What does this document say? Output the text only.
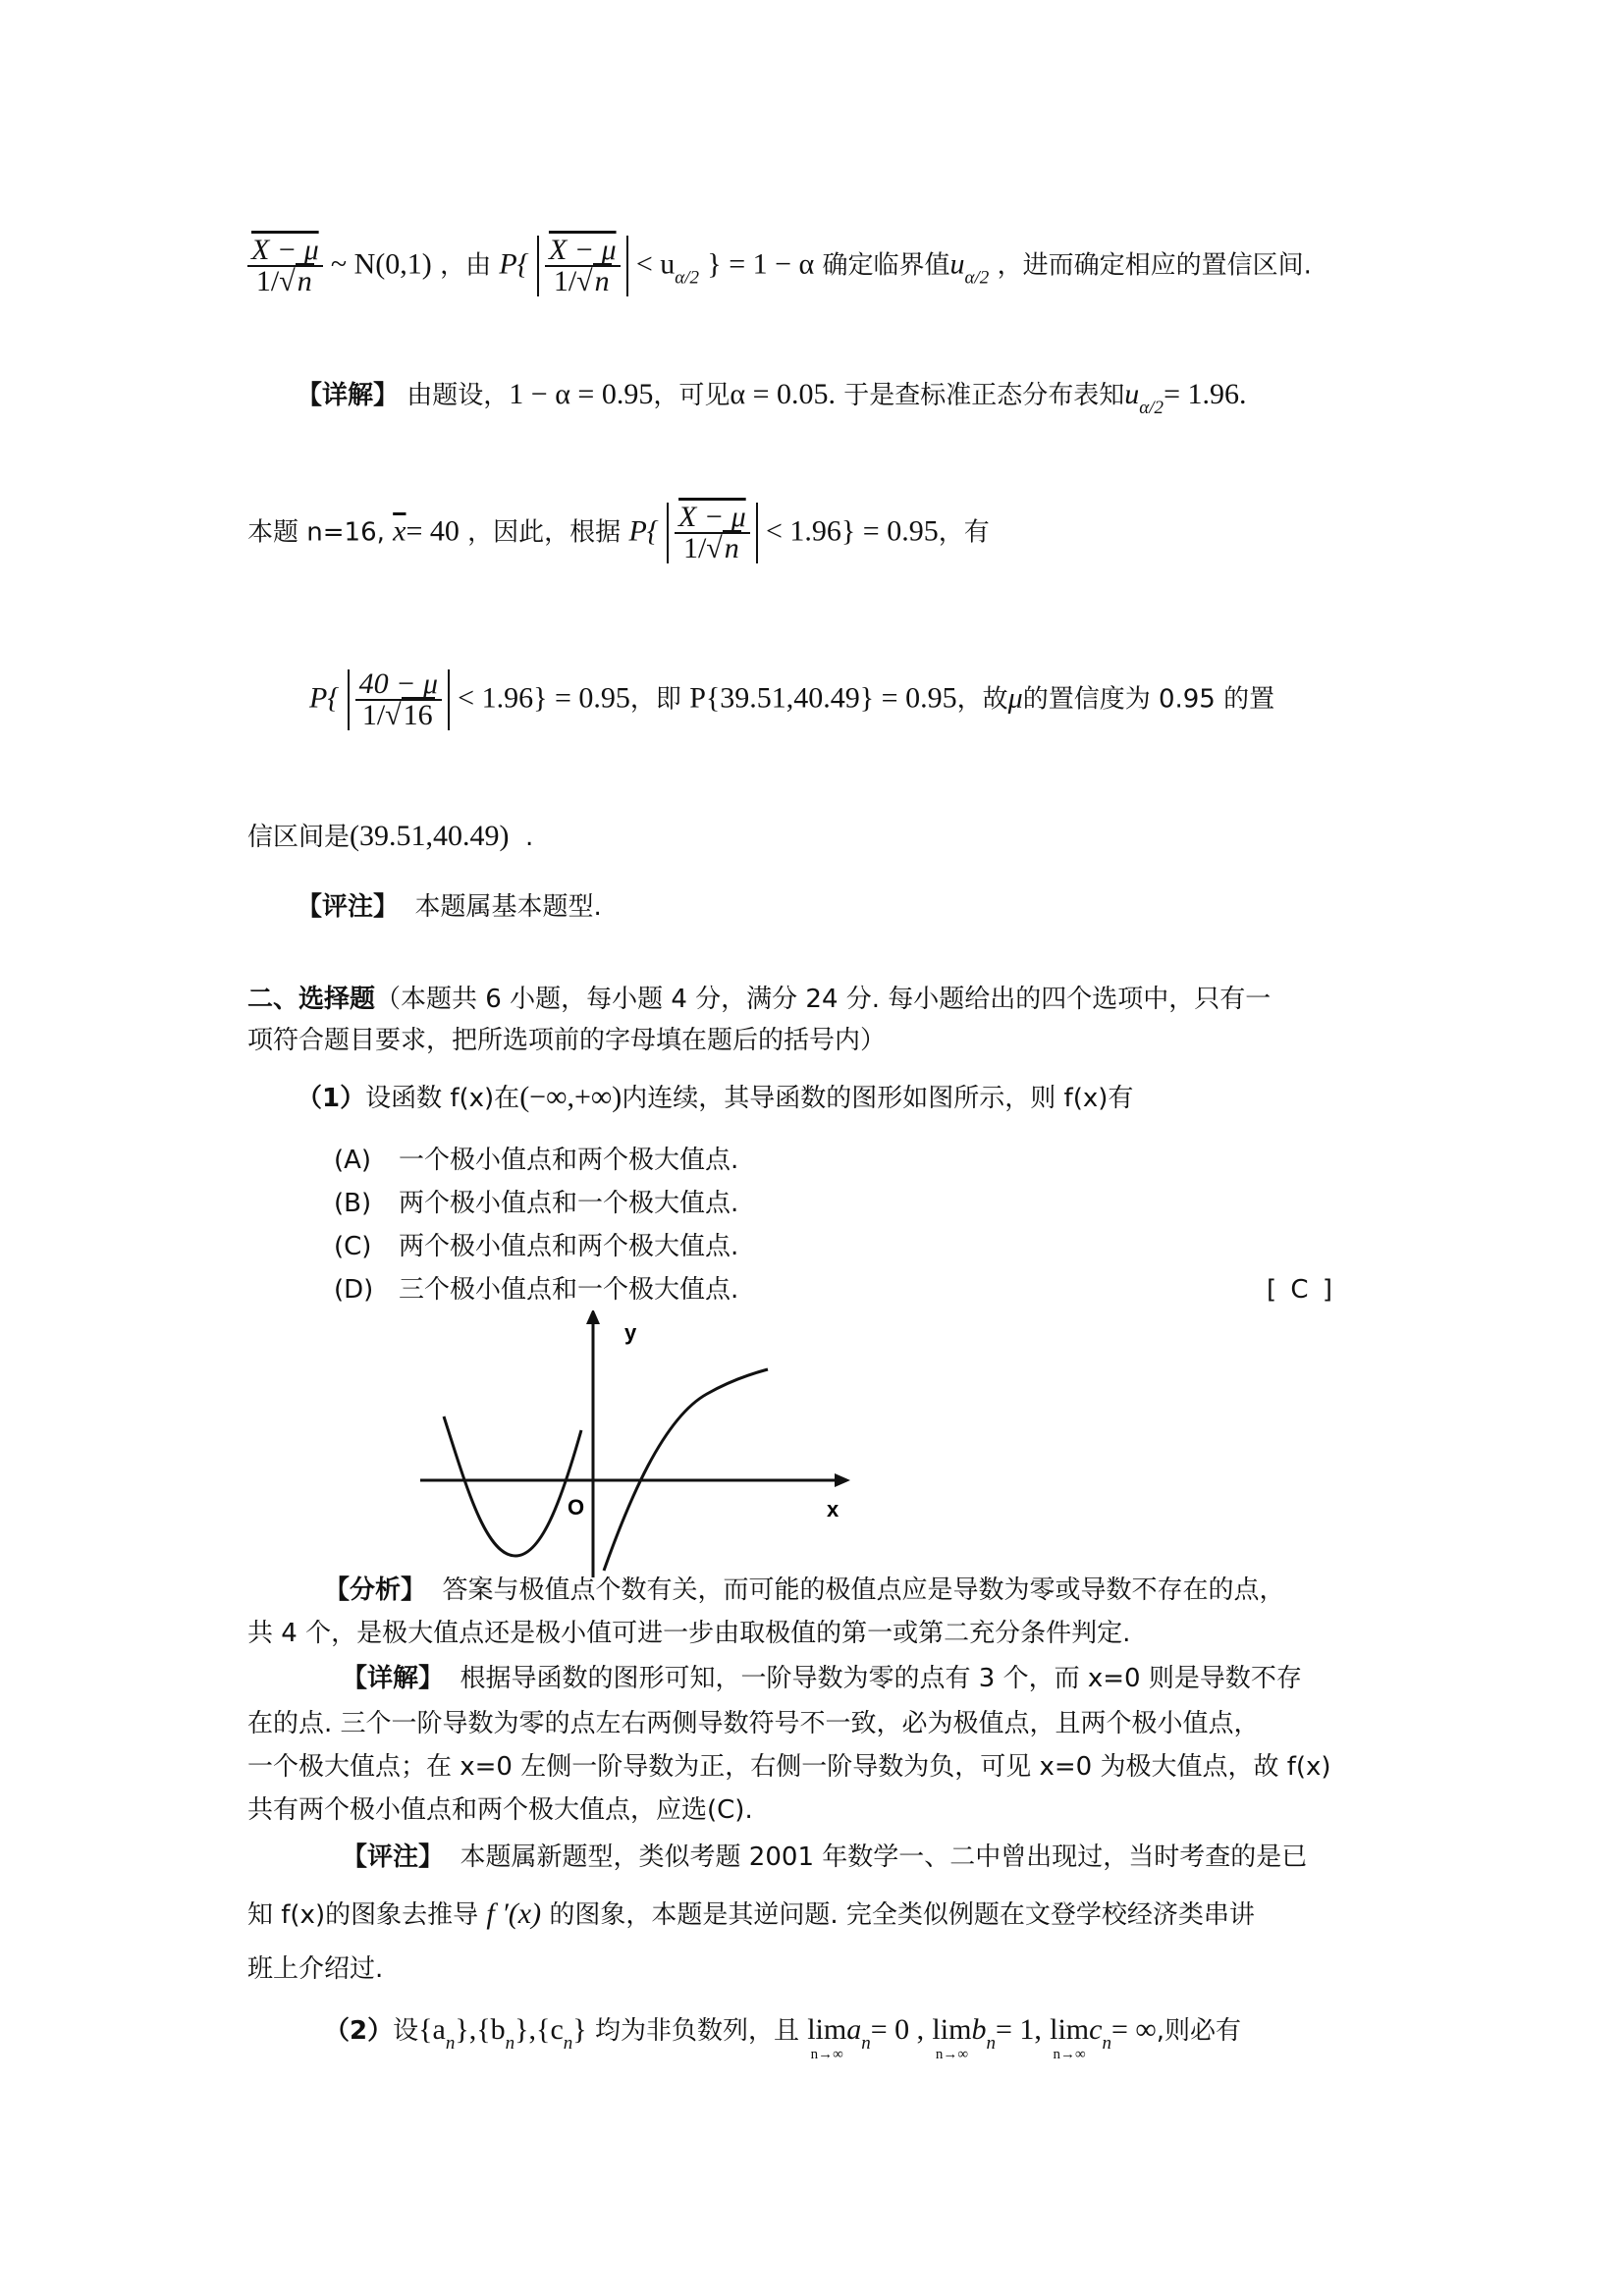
$\frac{X - \mu}{1/√n}$ ~ N(0,1) ，由 $P\{ \frac{X - \mu}{1/√n} < u_{\alpha/2}$ } = 1 − α 确定临界值$u_{\alpha/2}$ ，进而确定相应的置信区间.
【详解】 由题设，1 − α = 0.95，可见α = 0.05. 于是查标准正态分布表知$u_{\alpha/2}= 1.96$.
本题 n=16, $\overline{x}= 40$ ，因此，根据 $P\{ \frac{X - \mu}{1/√n} < 1.96\} = 0.95$，有
$P\{ \frac{40 - \mu}{1/√16} < 1.96\} = 0.95$，即 P{39.51,40.49} = 0.95，故μ的置信度为 0.95 的置
信区间是(39.51,40.49) .
【评注】 本题属基本题型.
二、选择题（本题共 6 小题，每小题 4 分，满分 24 分. 每小题给出的四个选项中，只有一
项符合题目要求，把所选项前的字母填在题后的括号内）
（1）设函数 f(x)在(−∞,+∞)内连续，其导函数的图形如图所示，则 f(x)有
(A) 一个极小值点和两个极大值点.
(B) 两个极小值点和一个极大值点.
(C) 两个极小值点和两个极大值点.
(D) 三个极小值点和一个极大值点.	[ C ]
y
x
O
【分析】 答案与极值点个数有关，而可能的极值点应是导数为零或导数不存在的点，
共 4 个，是极大值点还是极小值可进一步由取极值的第一或第二充分条件判定.
【详解】 根据导函数的图形可知，一阶导数为零的点有 3 个，而 x=0 则是导数不存
在的点. 三个一阶导数为零的点左右两侧导数符号不一致，必为极值点，且两个极小值点，
一个极大值点；在 x=0 左侧一阶导数为正，右侧一阶导数为负，可见 x=0 为极大值点，故 f(x)
共有两个极小值点和两个极大值点，应选(C).
【评注】 本题属新题型，类似考题 2001 年数学一、二中曾出现过，当时考查的是已
知 f(x)的图象去推导 f ′(x) 的图象，本题是其逆问题. 完全类似例题在文登学校经济类串讲
班上介绍过.
（2）设$\{a_n\},\{b_n\},\{c_n\}$ 均为非负数列，且 lim
n→∞
$a_n= 0$ , lim
n→∞
$b_n= 1$, lim
n→∞
$c_n=$ ∞,则必有
